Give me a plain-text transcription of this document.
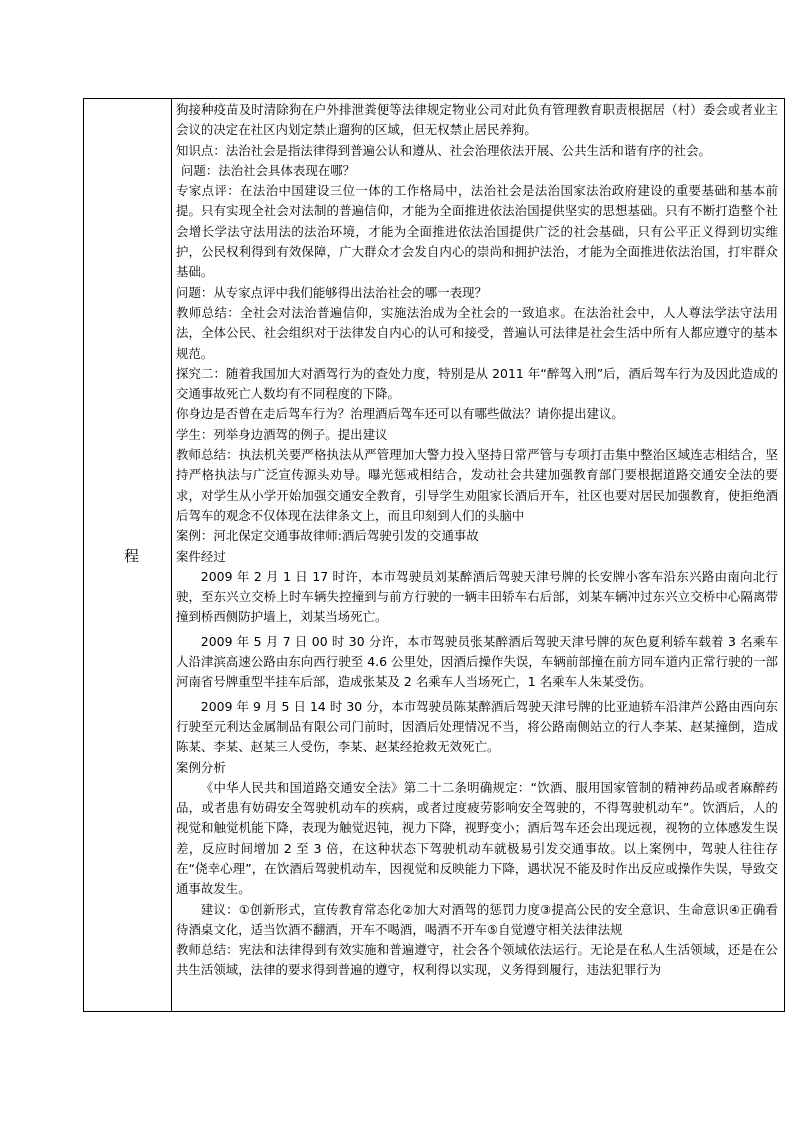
程	

狗接种疫苗及时清除狗在户外排泄粪便等法律规定物业公司对此负有管理教育职责根据居（村）委会或者业主会议的决定在社区内划定禁止遛狗的区域，但无权禁止居民养狗。

知识点：法治社会是指法律得到普遍公认和遵从、社会治理依法开展、公共生活和谐有序的社会。

问题：法治社会具体表现在哪？

专家点评：在法治中国建设三位一体的工作格局中，法治社会是法治国家法治政府建设的重要基础和基本前提。只有实现全社会对法制的普遍信仰，才能为全面推进依法治国提供坚实的思想基础。只有不断打造整个社会增长学法守法用法的法治环境，才能为全面推进依法治国提供广泛的社会基础，只有公平正义得到切实维护，公民权利得到有效保障，广大群众才会发自内心的崇尚和拥护法治，才能为全面推进依法治国，打牢群众基础。

问题：从专家点评中我们能够得出法治社会的哪一表现？

教师总结：全社会对法治普遍信仰，实施法治成为全社会的一致追求。在法治社会中，人人尊法学法守法用法，全体公民、社会组织对于法律发自内心的认可和接受，普遍认可法律是社会生活中所有人都应遵守的基本规范。

探究二：随着我国加大对酒驾行为的查处力度，特别是从 2011 年“醉驾入刑”后，酒后驾车行为及因此造成的交通事故死亡人数均有不同程度的下降。

你身边是否曾在走后驾车行为？治理酒后驾车还可以有哪些做法？请你提出建议。

学生：列举身边酒驾的例子。提出建议

教师总结：执法机关要严格执法从严管理加大警力投入坚持日常严管与专项打击集中整治区域连志相结合，坚持严格执法与广泛宣传源头劝导。曝光惩戒相结合，发动社会共建加强教育部门要根据道路交通安全法的要求，对学生从小学开始加强交通安全教育，引导学生劝阻家长酒后开车，社区也要对居民加强教育，使拒绝酒后驾车的观念不仅体现在法律条文上，而且印刻到人们的头脑中

案例：河北保定交通事故律师:酒后驾驶引发的交通事故

案件经过

2009 年 2 月 1 日 17 时许，本市驾驶员刘某醉酒后驾驶天津号牌的长安牌小客车沿东兴路由南向北行驶，至东兴立交桥上时车辆失控撞到与前方行驶的一辆丰田轿车右后部，刘某车辆冲过东兴立交桥中心隔离带撞到桥西侧防护墙上，刘某当场死亡。

2009 年 5 月 7 日 00 时 30 分许，本市驾驶员张某醉酒后驾驶天津号牌的灰色夏利轿车载着 3 名乘车人沿津滨高速公路由东向西行驶至 4.6 公里处，因酒后操作失误，车辆前部撞在前方同车道内正常行驶的一部河南省号牌重型半挂车后部，造成张某及 2 名乘车人当场死亡，1 名乘车人朱某受伤。

2009 年 9 月 5 日 14 时 30 分，本市驾驶员陈某醉酒后驾驶天津号牌的比亚迪轿车沿津芦公路由西向东行驶至元利达金属制品有限公司门前时，因酒后处理情况不当，将公路南侧站立的行人李某、赵某撞倒，造成陈某、李某、赵某三人受伤，李某、赵某经抢救无效死亡。

案例分析

《中华人民共和国道路交通安全法》第二十二条明确规定：“饮酒、服用国家管制的精神药品或者麻醉药品，或者患有妨碍安全驾驶机动车的疾病，或者过度疲劳影响安全驾驶的，不得驾驶机动车”。饮酒后，人的视觉和触觉机能下降，表现为触觉迟钝，视力下降，视野变小；酒后驾车还会出现远视，视物的立体感发生误差，反应时间增加 2 至 3 倍，在这种状态下驾驶机动车就极易引发交通事故。以上案例中，驾驶人往往存在“侥幸心理”，在饮酒后驾驶机动车，因视觉和反映能力下降，遇状况不能及时作出反应或操作失误，导致交通事故发生。

建议：①创新形式，宣传教育常态化②加大对酒驾的惩罚力度③提高公民的安全意识、生命意识④正确看待酒桌文化，适当饮酒不翻酒，开车不喝酒，喝酒不开车⑤自觉遵守相关法律法规

教师总结：宪法和法律得到有效实施和普遍遵守，社会各个领域依法运行。无论是在私人生活领域，还是在公共生活领域，法律的要求得到普遍的遵守，权利得以实现，义务得到履行，违法犯罪行为
